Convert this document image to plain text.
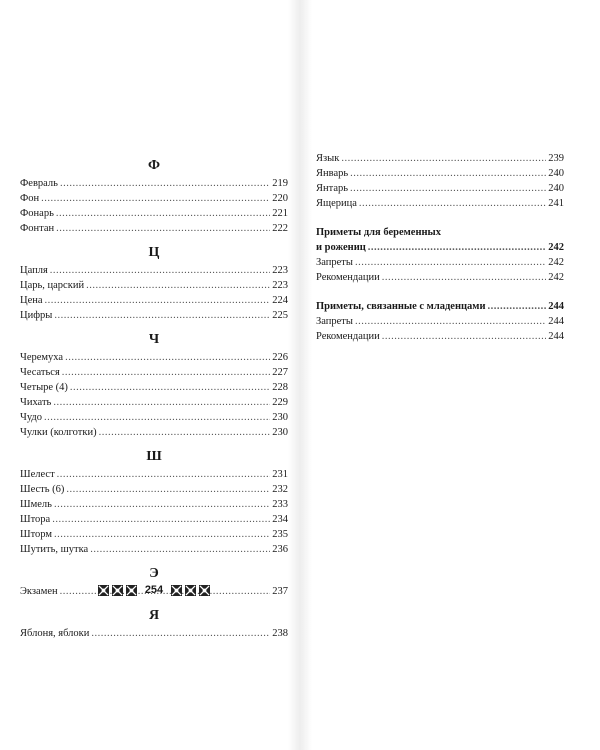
Ф
Февраль .....	219
Фон .....	220
Фонарь .....	221
Фонтан .....	222
Ц
Цапля .....	223
Царь, царский .....	223
Цена .....	224
Цифры .....	225
Ч
Черемуха .....	226
Чесаться .....	227
Четыре (4) .....	228
Чихать .....	229
Чудо .....	230
Чулки (колготки) .....	230
Ш
Шелест .....	231
Шесть (6) .....	232
Шмель .....	233
Штора .....	234
Шторм .....	235
Шутить, шутка .....	236
Э
Экзамен .....	237
Я
Яблоня, яблоки .....	238
254
Язык .....	239
Январь .....	240
Янтарь .....	240
Ящерица .....	241
Приметы для беременных
и рожениц .....	242
Запреты .....	242
Рекомендации .....	242
Приметы, связанные с младенцами .....	244
Запреты .....	244
Рекомендации .....	244
